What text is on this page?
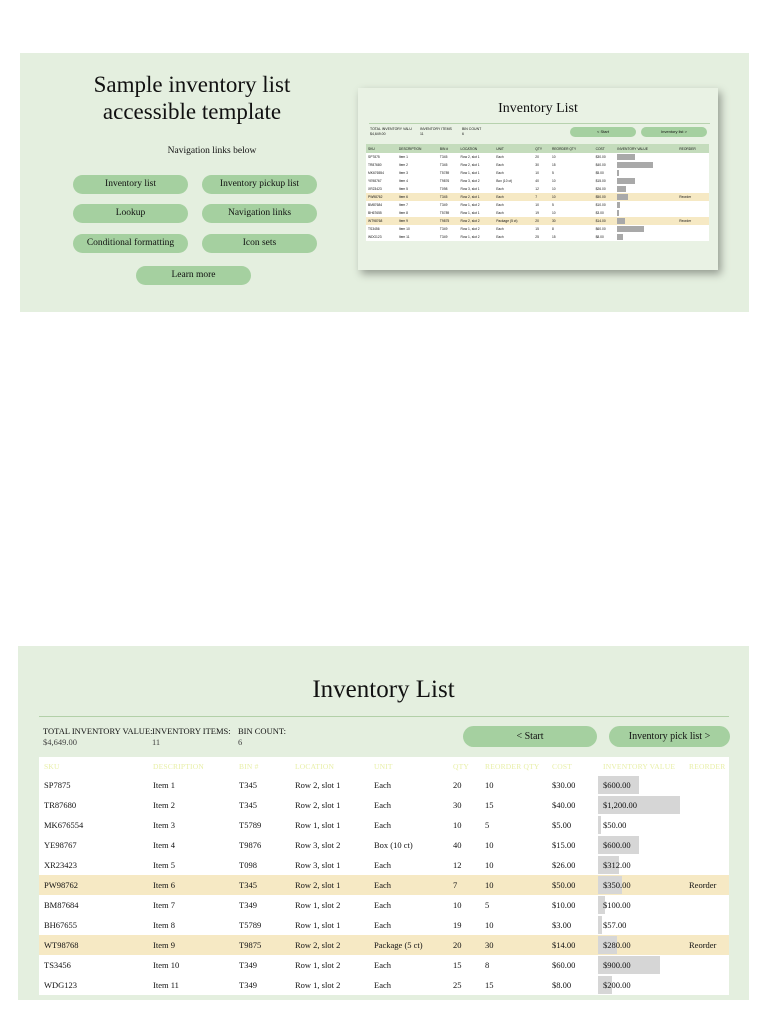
Sample inventory list accessible template
Navigation links below
Inventory list	Inventory pickup list
Lookup	Navigation links
Conditional formatting	Icon sets
Learn more
Inventory List
TOTAL INVENTORY VALU
$4,649.00
INVENTORY ITEMS
11
BIN COUNT
6	< Start	Inventory list >
SKU	DESCRIPTION	BIN #	LOCATION	UNIT	QTY	REORDER QTY	COST	INVENTORY VALUE	REORDER
SP7875	Item 1	T345	Row 2, slot 1	Each	20	10	$30.00		
TR87680	Item 2	T345	Row 2, slot 1	Each	30	15	$40.00		
MK676554	Item 3	T5789	Row 1, slot 1	Each	10	5	$5.00		
YE98767	Item 4	T9876	Row 3, slot 2	Box (10 ct)	40	10	$15.00		
XR23423	Item 5	T098	Row 3, slot 1	Each	12	10	$26.00		
PW98762	Item 6	T345	Row 2, slot 1	Each	7	10	$50.00		Reorder
BM87684	Item 7	T349	Row 1, slot 2	Each	10	5	$10.00		
BH67655	Item 8	T5789	Row 1, slot 1	Each	19	10	$3.00		
WT98768	Item 9	T9875	Row 2, slot 2	Package (5 ct)	20	30	$14.00		Reorder
TS3456	Item 10	T349	Row 1, slot 2	Each	15	8	$60.00		
WDG123	Item 11	T349	Row 1, slot 2	Each	25	15	$8.00		
Inventory List
TOTAL INVENTORY VALUE:
$4,649.00
INVENTORY ITEMS:
11
BIN COUNT:
6	< Start	Inventory pick list >
SKU	DESCRIPTION	BIN #	LOCATION	UNIT	QTY	REORDER QTY	COST	INVENTORY VALUE	REORDER
SP7875	Item 1	T345	Row 2, slot 1	Each	20	10	$30.00	$600.00	
TR87680	Item 2	T345	Row 2, slot 1	Each	30	15	$40.00	$1,200.00	
MK676554	Item 3	T5789	Row 1, slot 1	Each	10	5	$5.00	$50.00	
YE98767	Item 4	T9876	Row 3, slot 2	Box (10 ct)	40	10	$15.00	$600.00	
XR23423	Item 5	T098	Row 3, slot 1	Each	12	10	$26.00	$312.00	
PW98762	Item 6	T345	Row 2, slot 1	Each	7	10	$50.00	$350.00	Reorder
BM87684	Item 7	T349	Row 1, slot 2	Each	10	5	$10.00	$100.00	
BH67655	Item 8	T5789	Row 1, slot 1	Each	19	10	$3.00	$57.00	
WT98768	Item 9	T9875	Row 2, slot 2	Package (5 ct)	20	30	$14.00	$280.00	Reorder
TS3456	Item 10	T349	Row 1, slot 2	Each	15	8	$60.00	$900.00	
WDG123	Item 11	T349	Row 1, slot 2	Each	25	15	$8.00	$200.00	
